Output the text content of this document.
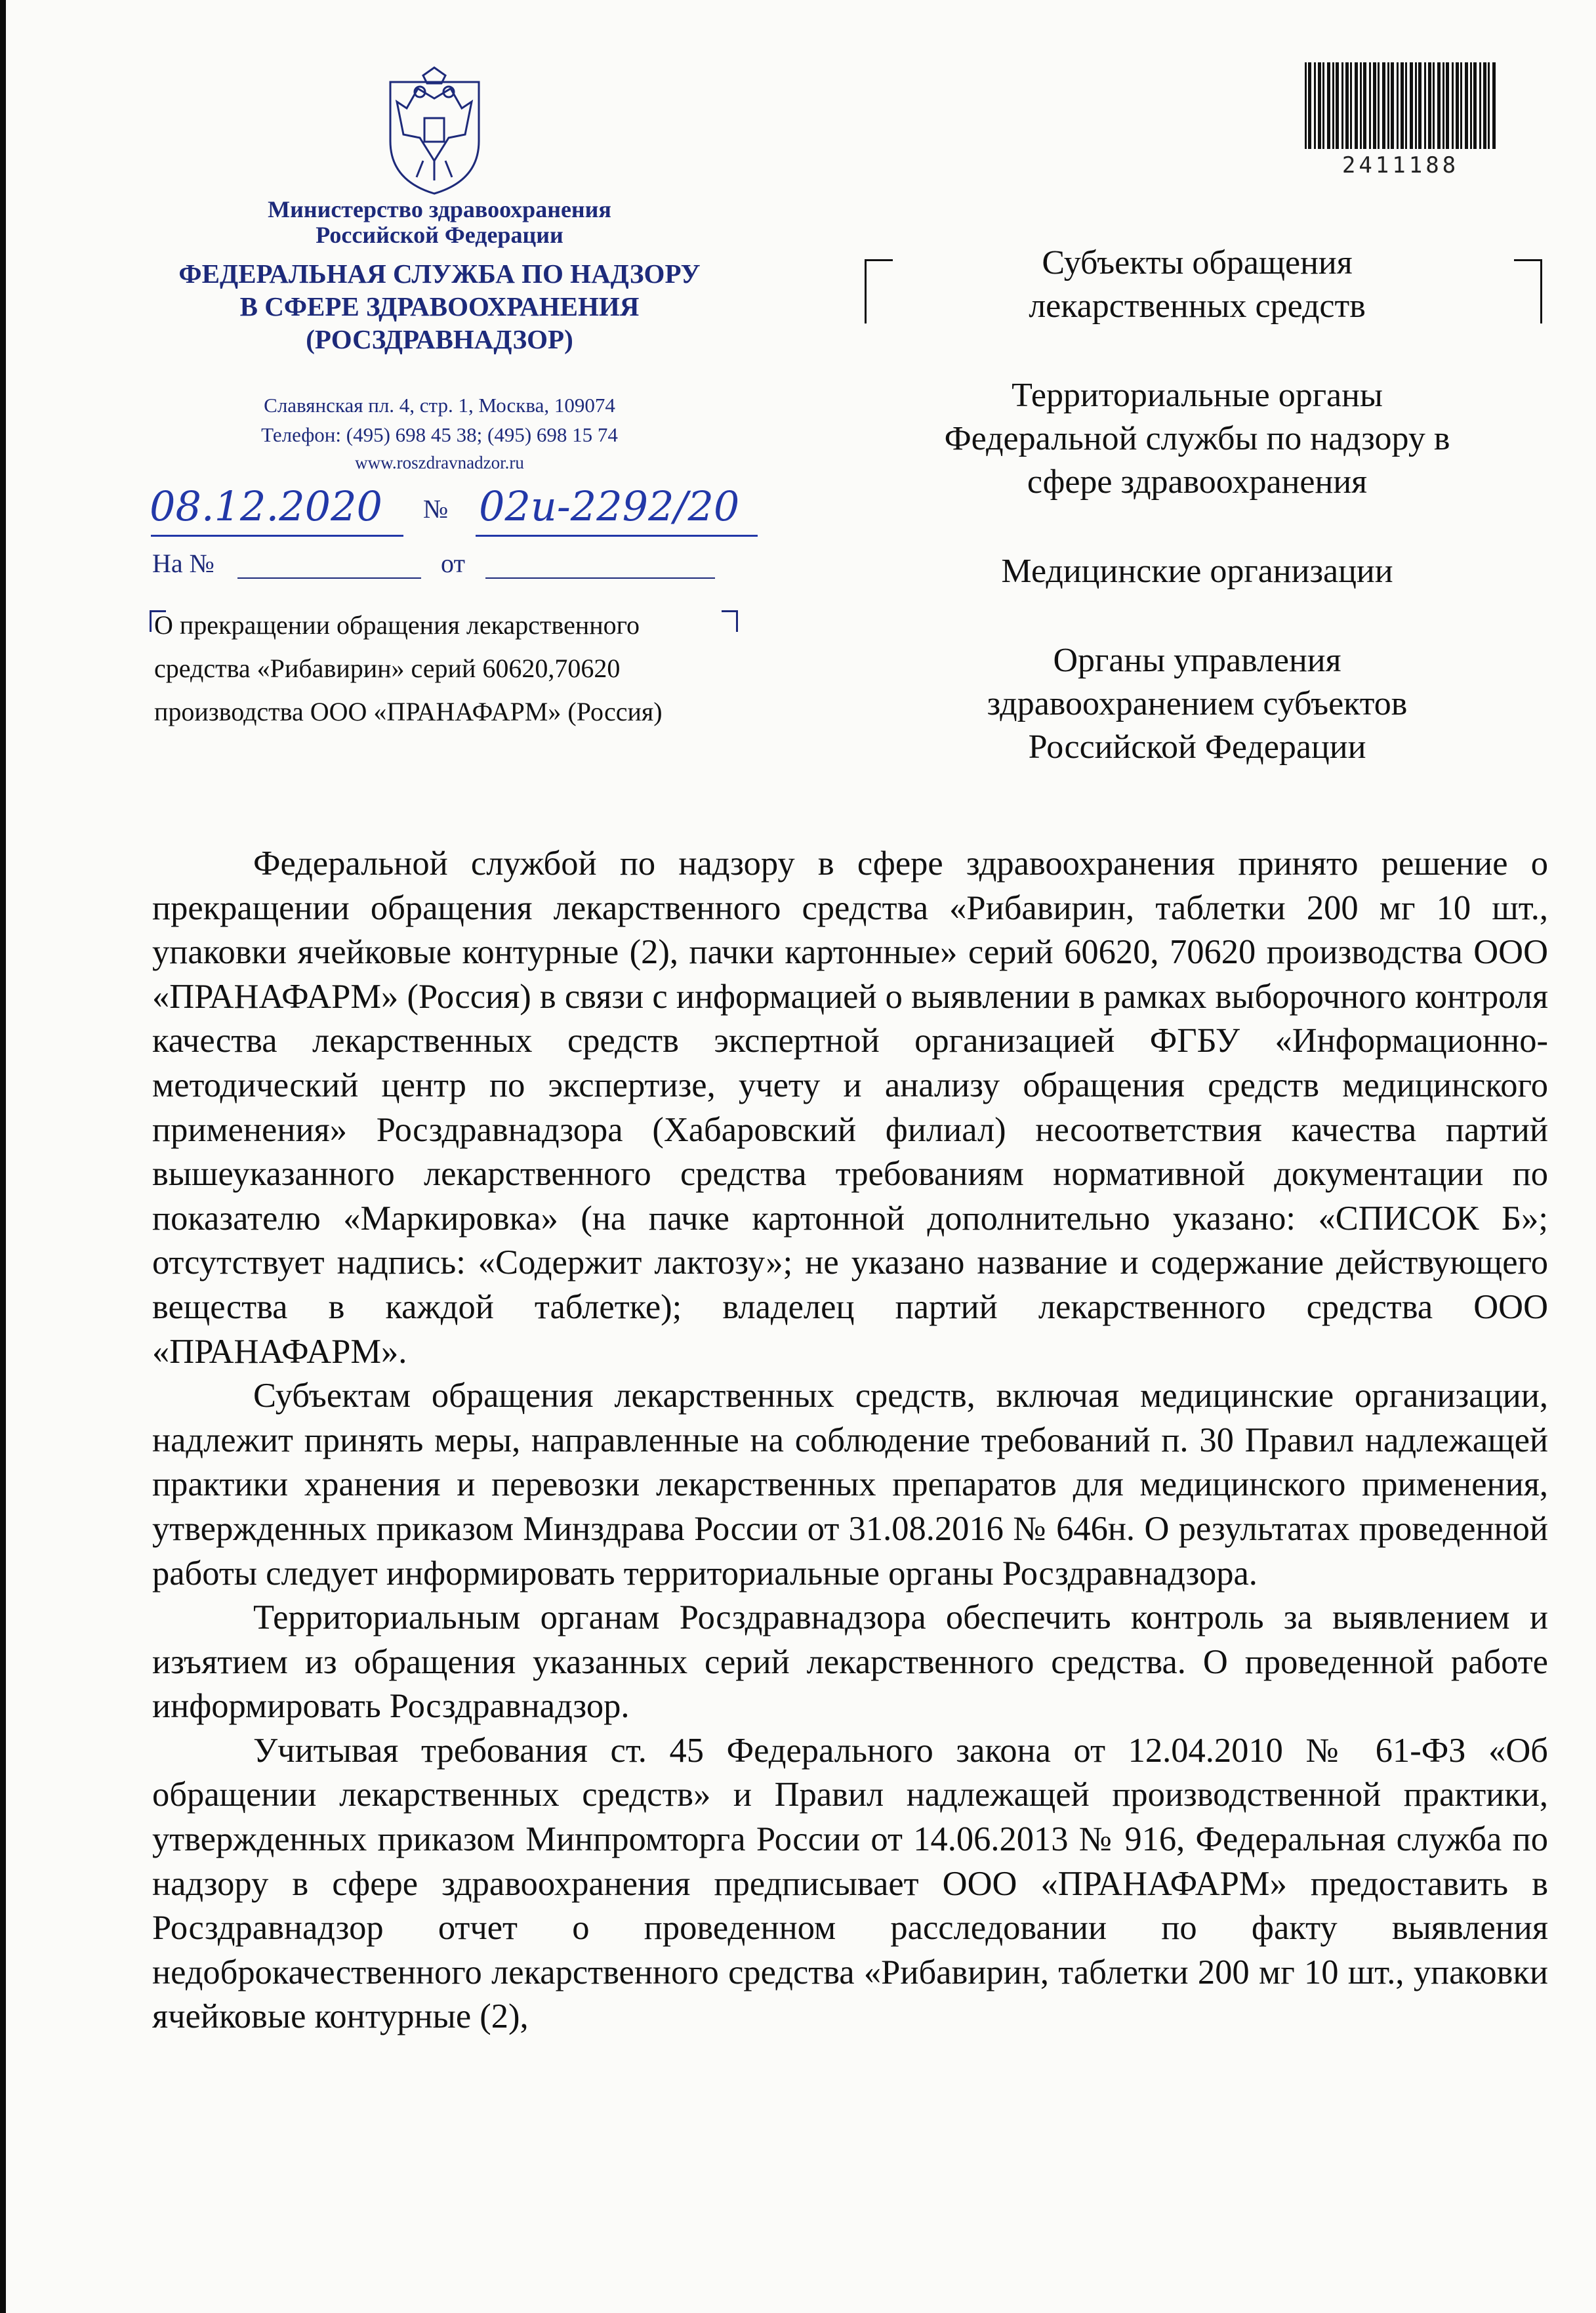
Министерство здравоохранения
Российской Федерации
ФЕДЕРАЛЬНАЯ СЛУЖБА ПО НАДЗОРУ
В СФЕРЕ ЗДРАВООХРАНЕНИЯ
(РОСЗДРАВНАДЗОР)
Славянская пл. 4, стр. 1, Москва, 109074
Телефон: (495) 698 45 38; (495) 698 15 74
www.roszdravnadzor.ru
08.12.2020 № 02и-2292/20
На №	от
О прекращении обращения лекарственного
средства «Рибавирин» серий 60620,70620
производства ООО «ПРАНАФАРМ» (Россия)
2411188
Субъекты обращения
лекарственных средств
Территориальные органы
Федеральной службы по надзору в
сфере здравоохранения
Медицинские организации
Органы управления
здравоохранением субъектов
Российской Федерации

Федеральной службой по надзору в сфере здравоохранения принято решение о прекращении обращения лекарственного средства «Рибавирин, таблетки 200 мг 10 шт., упаковки ячейковые контурные (2), пачки картонные» серий 60620, 70620 производства ООО «ПРАНАФАРМ» (Россия) в связи с информацией о выявлении в рамках выборочного контроля качества лекарственных средств экспертной организацией ФГБУ «Информационно-методический центр по экспертизе, учету и анализу обращения средств медицинского применения» Росздравнадзора (Хабаровский филиал) несоответствия качества партий вышеуказанного лекарственного средства требованиям нормативной документации по показателю «Маркировка» (на пачке картонной дополнительно указано: «СПИСОК Б»; отсутствует надпись: «Содержит лактозу»; не указано название и содержание действующего вещества в каждой таблетке); владелец партий лекарственного средства ООО «ПРАНАФАРМ».

Субъектам обращения лекарственных средств, включая медицинские организации, надлежит принять меры, направленные на соблюдение требований п. 30 Правил надлежащей практики хранения и перевозки лекарственных препаратов для медицинского применения, утвержденных приказом Минздрава России от 31.08.2016 № 646н. О результатах проведенной работы следует информировать территориальные органы Росздравнадзора.

Территориальным органам Росздравнадзора обеспечить контроль за выявлением и изъятием из обращения указанных серий лекарственного средства. О проведенной работе информировать Росздравнадзор.

Учитывая требования ст. 45 Федерального закона от 12.04.2010 № 61-ФЗ «Об обращении лекарственных средств» и Правил надлежащей производственной практики, утвержденных приказом Минпромторга России от 14.06.2013 № 916, Федеральная служба по надзору в сфере здравоохранения предписывает ООО «ПРАНАФАРМ» предоставить в Росздравнадзор отчет о проведенном расследовании по факту выявления недоброкачественного лекарственного средства «Рибавирин, таблетки 200 мг 10 шт., упаковки ячейковые контурные (2),
